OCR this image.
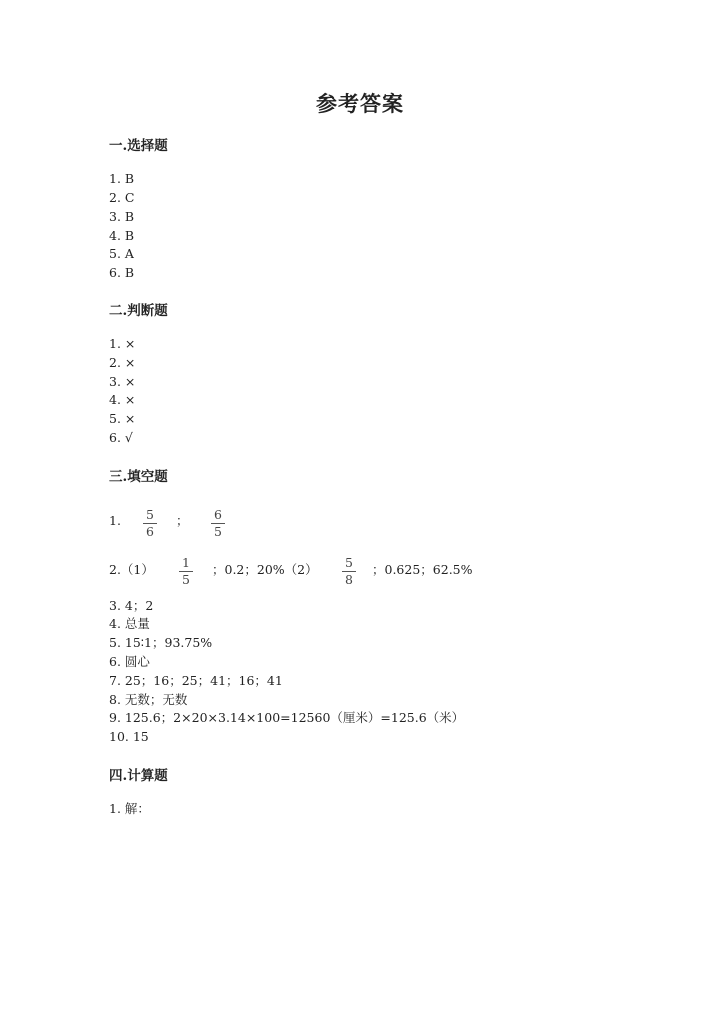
参考答案
一.选择题
1. B
2. C
3. B
4. B
5. A
6. B
二.判断题
1. ×
2. ×
3. ×
4. ×
5. ×
6. √
三.填空题
1.	5
6
；	6
5
2.（1）	1
5
；0.2；20%（2）	5
8
；0.625；62.5%
3. 4；2
4. 总量
5. 15∶1；93.75%
6. 圆心
7. 25；16；25；41；16；41
8. 无数；无数
9. 125.6；2×20×3.14×100=12560（厘米）=125.6（米）
10. 15
四.计算题
1. 解：
